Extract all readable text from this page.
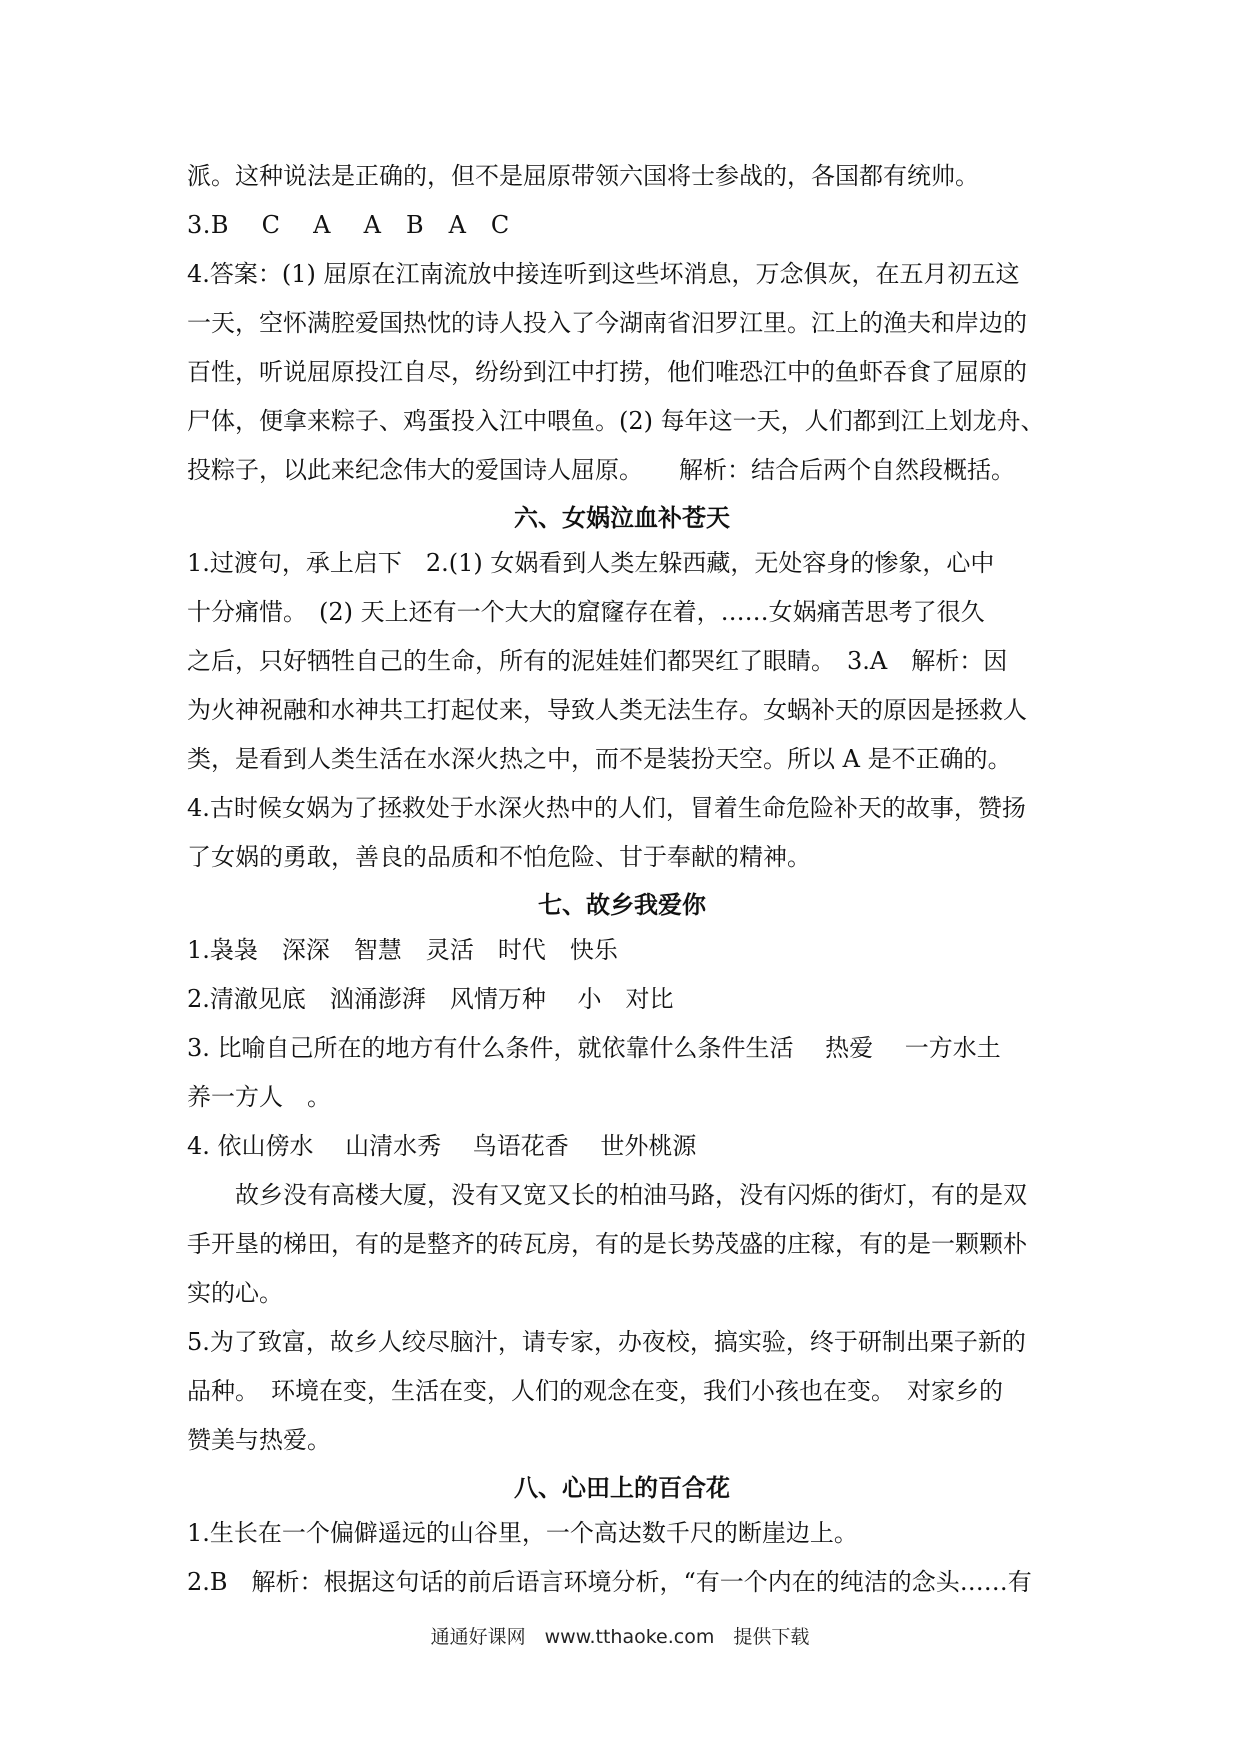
派。这种说法是正确的，但不是屈原带领六国将士参战的，各国都有统帅。
3.B　 C　 A　 A　B　A　C
4.答案：(1) 屈原在江南流放中接连听到这些坏消息，万念俱灰，在五月初五这
一天，空怀满腔爱国热忱的诗人投入了今湖南省汨罗江里。江上的渔夫和岸边的
百性，听说屈原投江自尽，纷纷到江中打捞，他们唯恐江中的鱼虾吞食了屈原的
尸体，便拿来粽子、鸡蛋投入江中喂鱼。(2) 每年这一天，人们都到江上划龙舟、
投粽子，以此来纪念伟大的爱国诗人屈原。　　解析：结合后两个自然段概括。
六、女娲泣血补苍天
1.过渡句，承上启下　2.(1) 女娲看到人类左躲西藏，无处容身的惨象，心中
十分痛惜。　(2) 天上还有一个大大的窟窿存在着，……女娲痛苦思考了很久
之后，只好牺牲自己的生命，所有的泥娃娃们都哭红了眼睛。　3.A　解析：因
为火神祝融和水神共工打起仗来，导致人类无法生存。女蜗补天的原因是拯救人
类，是看到人类生活在水深火热之中，而不是装扮天空。所以 A 是不正确的。
4.古时候女娲为了拯救处于水深火热中的人们，冒着生命危险补天的故事，赞扬
了女娲的勇敢，善良的品质和不怕危险、甘于奉献的精神。
七、故乡我爱你
1.袅袅　深深　智慧　灵活　时代　快乐
2.清澈见底　汹涌澎湃　风情万种　 小　对比
3. 比喻自己所在的地方有什么条件，就依靠什么条件生活　 热爱　 一方水土
养一方人　。
4. 依山傍水　 山清水秀　 鸟语花香　 世外桃源
故乡没有高楼大厦，没有又宽又长的柏油马路，没有闪烁的街灯，有的是双
手开垦的梯田，有的是整齐的砖瓦房，有的是长势茂盛的庄稼，有的是一颗颗朴
实的心。
5.为了致富，故乡人绞尽脑汁，请专家，办夜校，搞实验，终于研制出栗子新的
品种。　环境在变，生活在变，人们的观念在变，我们小孩也在变。　对家乡的
赞美与热爱。
八、心田上的百合花
1.生长在一个偏僻遥远的山谷里，一个高达数千尺的断崖边上。
2.B　解析：根据这句话的前后语言环境分析，“有一个内在的纯洁的念头……有
通通好课网　www.tthaoke.com　提供下载
